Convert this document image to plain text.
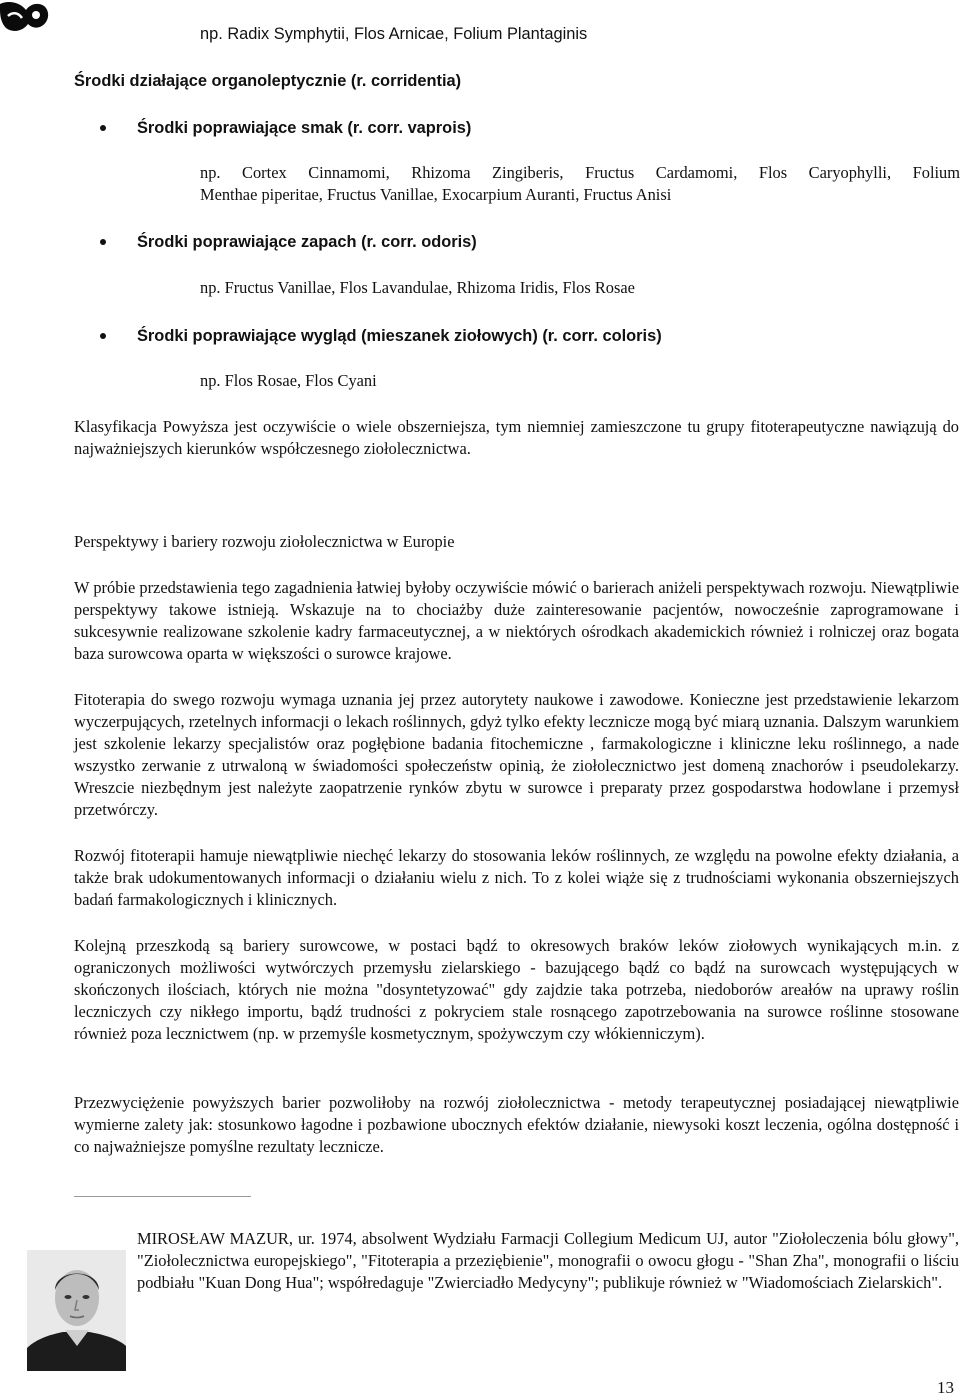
np. Radix Symphytii, Flos Arnicae, Folium Plantaginis
Środki działające organoleptycznie (r. corridentia)
Środki poprawiające smak (r. corr. vaprois)
np. Cortex Cinnamomi, Rhizoma Zingiberis, Fructus Cardamomi, Flos Caryophylli, Folium
Menthae piperitae, Fructus Vanillae, Exocarpium Auranti, Fructus Anisi
Środki poprawiające zapach (r. corr. odoris)
np. Fructus Vanillae, Flos Lavandulae, Rhizoma Iridis, Flos Rosae
Środki poprawiające wygląd (mieszanek ziołowych) (r. corr. coloris)
np. Flos Rosae, Flos Cyani
Klasyfikacja Powyższa jest oczywiście o wiele obszerniejsza, tym niemniej zamieszczone tu grupy fitoterapeutyczne nawiązują do najważniejszych kierunków współczesnego ziołolecznictwa.
Perspektywy i bariery rozwoju ziołolecznictwa w Europie
W próbie przedstawienia tego zagadnienia łatwiej byłoby oczywiście mówić o barierach aniżeli perspektywach rozwoju. Niewątpliwie perspektywy takowe istnieją. Wskazuje na to chociażby duże zainteresowanie pacjentów, nowocześnie zaprogramowane i sukcesywnie realizowane szkolenie kadry farmaceutycznej, a w niektórych ośrodkach akademickich również i rolniczej oraz bogata baza surowcowa oparta w większości o surowce krajowe.
Fitoterapia do swego rozwoju wymaga uznania jej przez autorytety naukowe i zawodowe. Konieczne jest przedstawienie lekarzom wyczerpujących, rzetelnych informacji o lekach roślinnych, gdyż tylko efekty lecznicze mogą być miarą uznania. Dalszym warunkiem jest szkolenie lekarzy specjalistów oraz pogłębione badania fitochemiczne , farmakologiczne i kliniczne leku roślinnego, a nade wszystko zerwanie z utrwaloną w świadomości społeczeństw opinią, że ziołolecznictwo jest domeną znachorów i pseudolekarzy. Wreszcie niezbędnym jest należyte zaopatrzenie rynków zbytu w surowce i preparaty przez gospodarstwa hodowlane i przemysł przetwórczy.
Rozwój fitoterapii hamuje niewątpliwie niechęć lekarzy do stosowania leków roślinnych, ze względu na powolne efekty działania, a także brak udokumentowanych informacji o działaniu wielu z nich. To z kolei wiąże się z trudnościami wykonania obszerniejszych badań farmakologicznych i klinicznych.
Kolejną przeszkodą są bariery surowcowe, w postaci bądź to okresowych braków leków ziołowych wynikających m.in. z ograniczonych możliwości wytwórczych przemysłu zielarskiego - bazującego bądź co bądź na surowcach występujących w skończonych ilościach, których nie można "dosyntetyzować" gdy zajdzie taka potrzeba, niedoborów areałów na uprawy roślin leczniczych czy nikłego importu, bądź trudności z pokryciem stale rosnącego zapotrzebowania na surowce roślinne stosowane również poza lecznictwem (np. w przemyśle kosmetycznym, spożywczym czy włókienniczym).
Przezwyciężenie powyższych barier pozwoliłoby na rozwój ziołolecznictwa - metody terapeutycznej posiadającej niewątpliwie wymierne zalety jak: stosunkowo łagodne i pozbawione ubocznych efektów działanie, niewysoki koszt leczenia, ogólna dostępność i co najważniejsze pomyślne rezultaty lecznicze.
MIROSŁAW MAZUR, ur. 1974, absolwent Wydziału Farmacji Collegium Medicum UJ, autor "Ziołoleczenia bólu głowy", "Ziołolecznictwa europejskiego", "Fitoterapia a przeziębienie", monografii o owocu głogu - "Shan Zha", monografii o liściu podbiału "Kuan Dong Hua"; współredaguje "Zwierciadło Medycyny"; publikuje również w "Wiadomościach Zielarskich".
13
